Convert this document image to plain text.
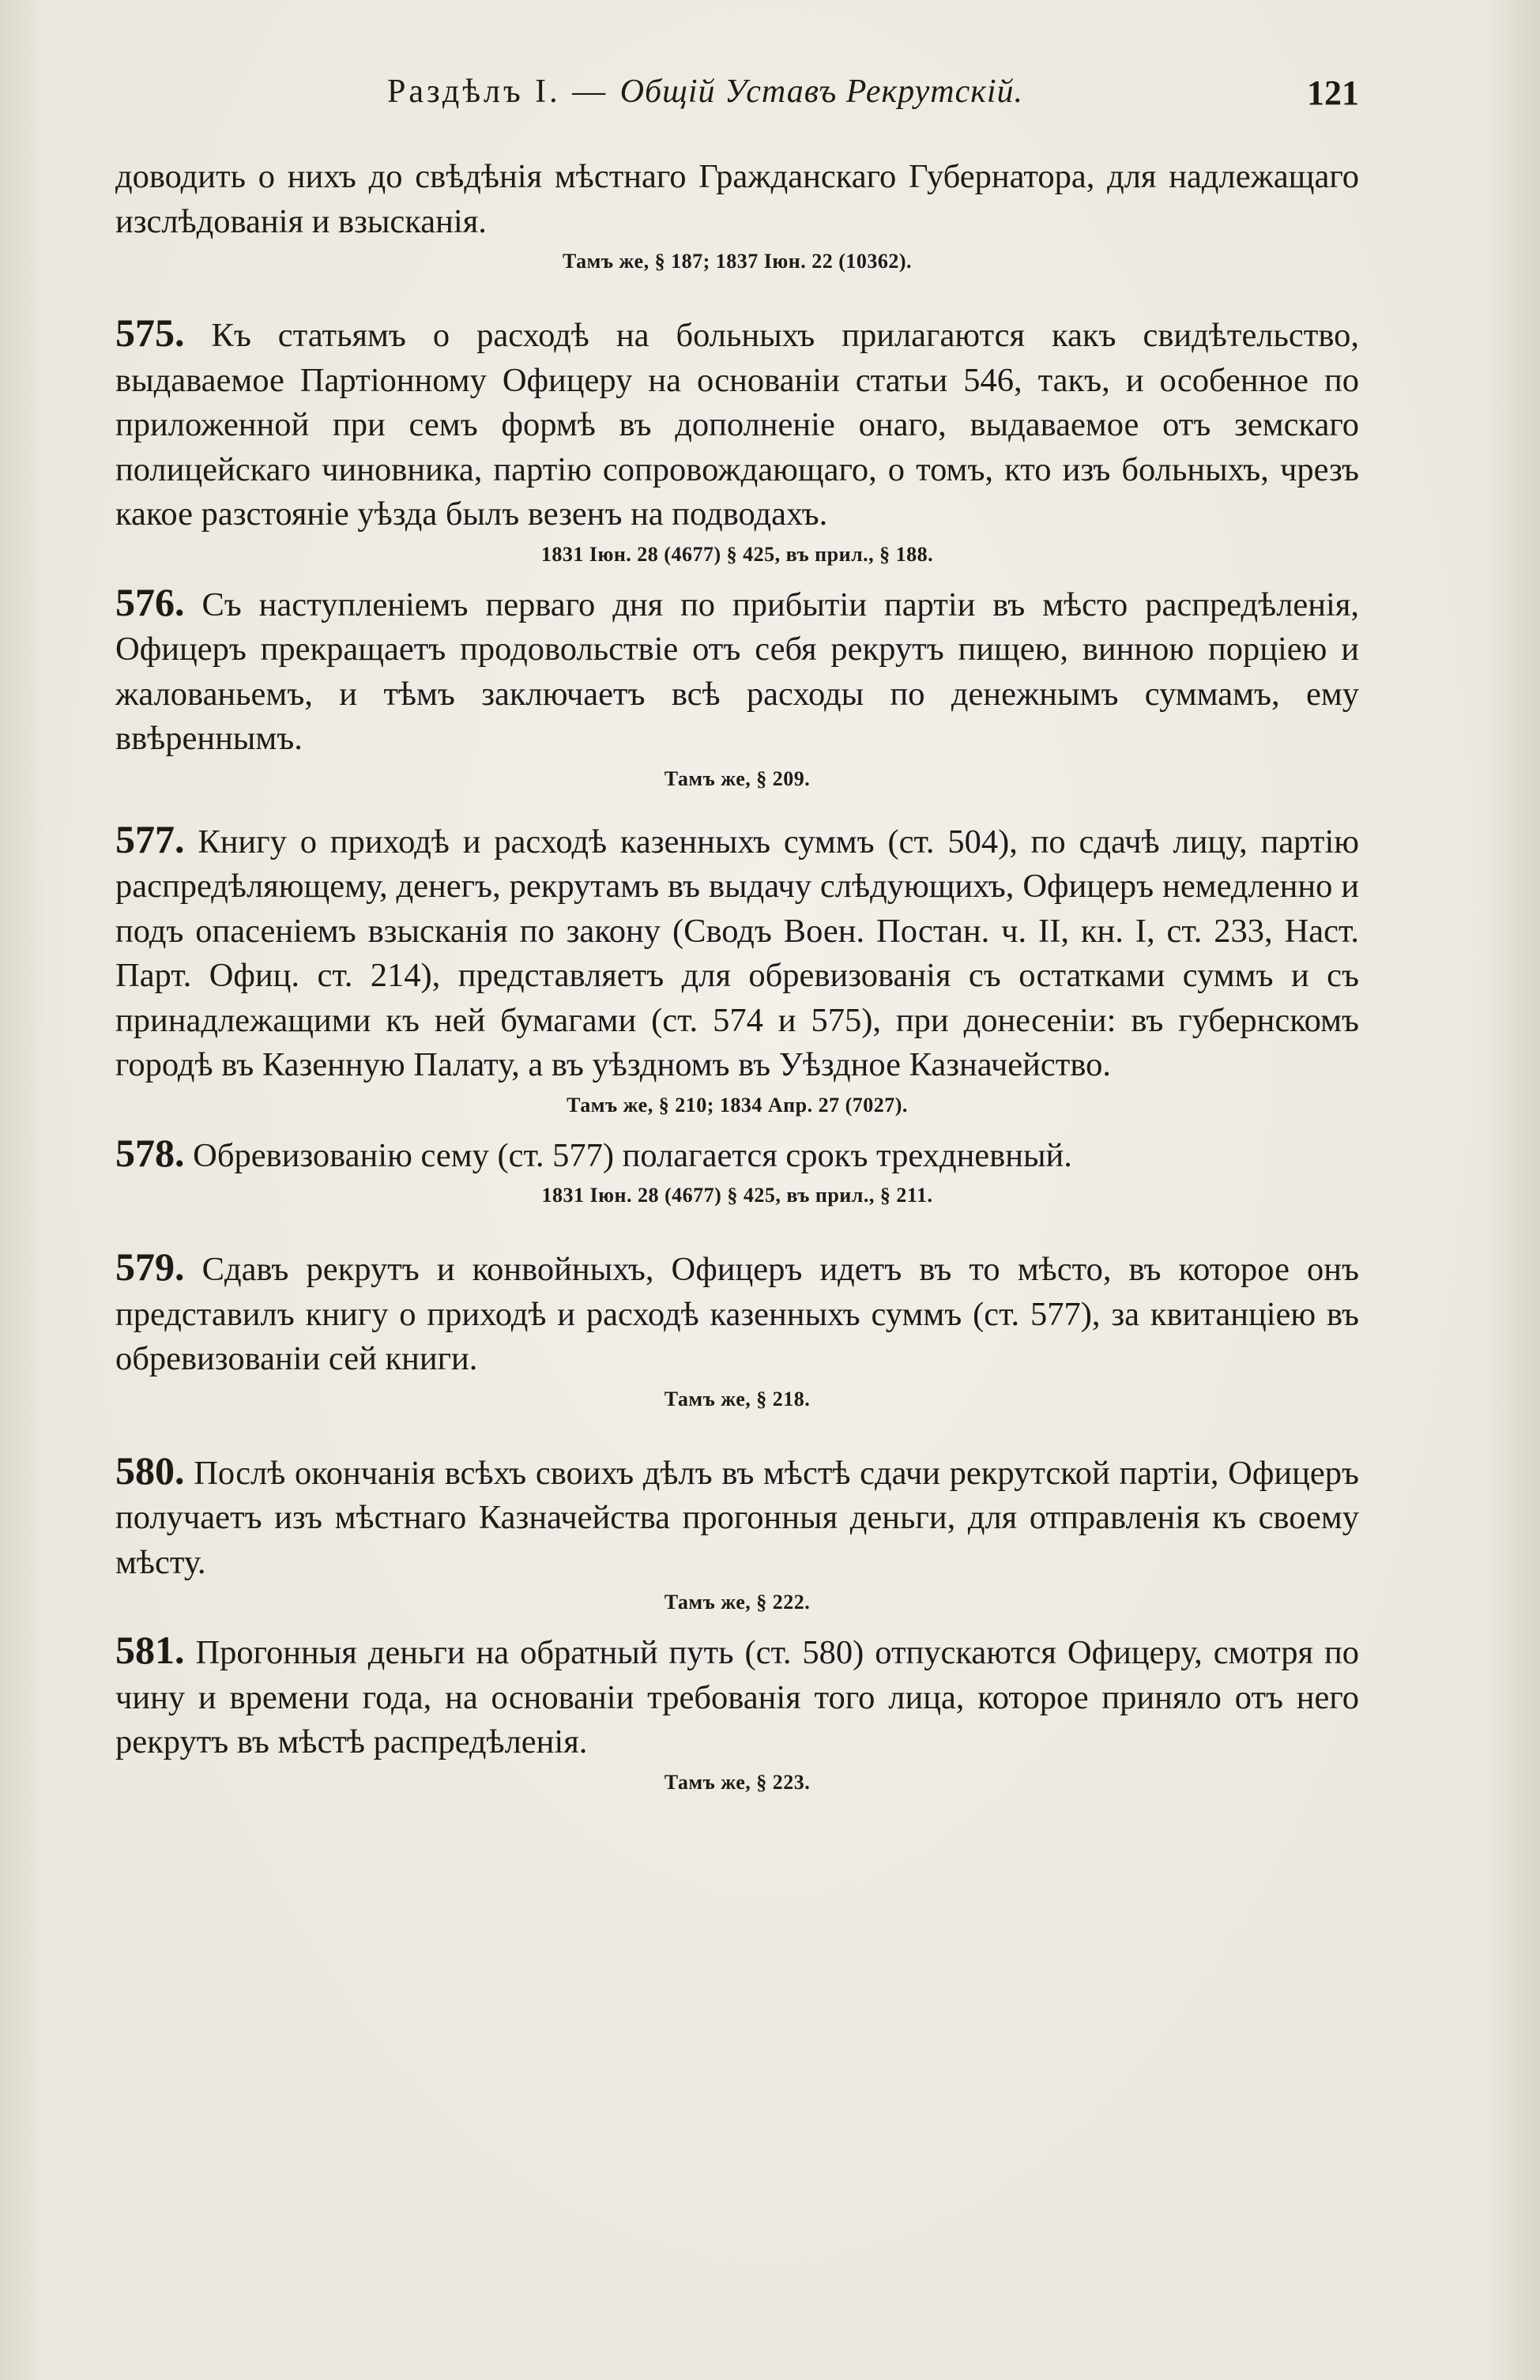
Раздѣлъ I. — Общій Уставъ Рекрутскій.	121

доводить о нихъ до свѣдѣнія мѣстнаго Гражданскаго Губернатора, для надлежащаго изслѣдованія и взысканія.

Тамъ же, § 187; 1837 Іюн. 22 (10362).

575. Къ статьямъ о расходѣ на больныхъ прилагаются какъ свидѣтельство, выдаваемое Партіонному Офицеру на основаніи статьи 546, такъ, и особенное по приложенной при семъ формѣ въ дополненіе онаго, выдаваемое отъ земскаго полицейскаго чиновника, партію сопровождающаго, о томъ, кто изъ больныхъ, чрезъ какое разстояніе уѣзда былъ везенъ на подводахъ.

1831 Іюн. 28 (4677) § 425, въ прил., § 188.

576. Съ наступленіемъ перваго дня по прибытіи партіи въ мѣсто распредѣленія, Офицеръ прекращаетъ продовольствіе отъ себя рекрутъ пищею, винною порціею и жалованьемъ, и тѣмъ заключаетъ всѣ расходы по денежнымъ суммамъ, ему ввѣреннымъ.

Тамъ же, § 209.

577. Книгу о приходѣ и расходѣ казенныхъ суммъ (ст. 504), по сдачѣ лицу, партію распредѣляющему, денегъ, рекрутамъ въ выдачу слѣдующихъ, Офицеръ немедленно и подъ опасеніемъ взысканія по закону (Сводъ Воен. Постан. ч. II, кн. I, ст. 233, Наст. Парт. Офиц. ст. 214), представляетъ для обревизованія съ остатками суммъ и съ принадлежащими къ ней бумагами (ст. 574 и 575), при донесеніи: въ губернскомъ городѣ въ Казенную Палату, а въ уѣздномъ въ Уѣздное Казначейство.

Тамъ же, § 210; 1834 Апр. 27 (7027).

578. Обревизованію сему (ст. 577) полагается срокъ трехдневный.

1831 Іюн. 28 (4677) § 425, въ прил., § 211.

579. Сдавъ рекрутъ и конвойныхъ, Офицеръ идетъ въ то мѣсто, въ которое онъ представилъ книгу о приходѣ и расходѣ казенныхъ суммъ (ст. 577), за квитанціею въ обревизованіи сей книги.

Тамъ же, § 218.

580. Послѣ окончанія всѣхъ своихъ дѣлъ въ мѣстѣ сдачи рекрутской партіи, Офицеръ получаетъ изъ мѣстнаго Казначейства прогонныя деньги, для отправленія къ своему мѣсту.

Тамъ же, § 222.

581. Прогонныя деньги на обратный путь (ст. 580) отпускаются Офицеру, смотря по чину и времени года, на основаніи требованія того лица, которое приняло отъ него рекрутъ въ мѣстѣ распредѣленія.

Тамъ же, § 223.
